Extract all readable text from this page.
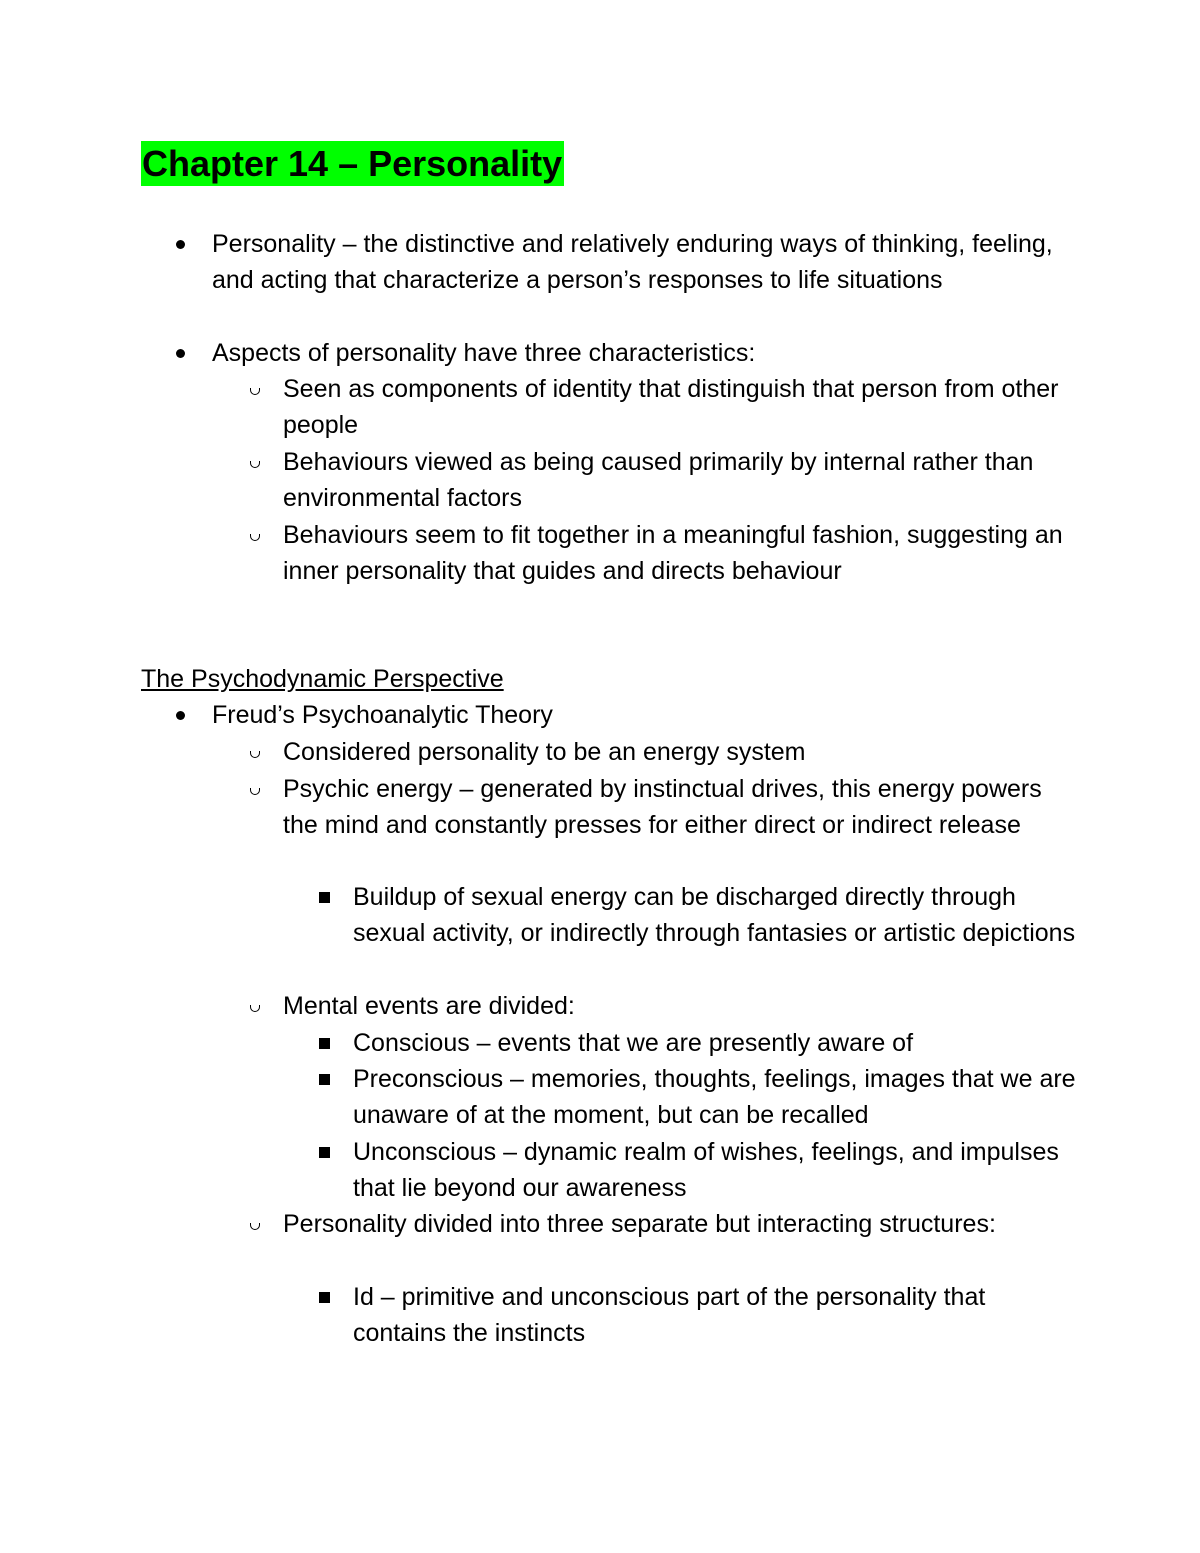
Chapter 14 – Personality
Personality – the distinctive and relatively enduring ways of thinking, feeling, and acting that characterize a person’s responses to life situations
Aspects of personality have three characteristics:
Seen as components of identity that distinguish that person from other people
Behaviours viewed as being caused primarily by internal rather than environmental factors
Behaviours seem to fit together in a meaningful fashion, suggesting an inner personality that guides and directs behaviour
The Psychodynamic Perspective
Freud’s Psychoanalytic Theory
Considered personality to be an energy system
Psychic energy – generated by instinctual drives, this energy powers the mind and constantly presses for either direct or indirect release
Buildup of sexual energy can be discharged directly through sexual activity, or indirectly through fantasies or artistic depictions
Mental events are divided:
Conscious – events that we are presently aware of
Preconscious – memories, thoughts, feelings, images that we are unaware of at the moment, but can be recalled
Unconscious – dynamic realm of wishes, feelings, and impulses that lie beyond our awareness
Personality divided into three separate but interacting structures:
Id – primitive and unconscious part of the personality that contains the instincts
